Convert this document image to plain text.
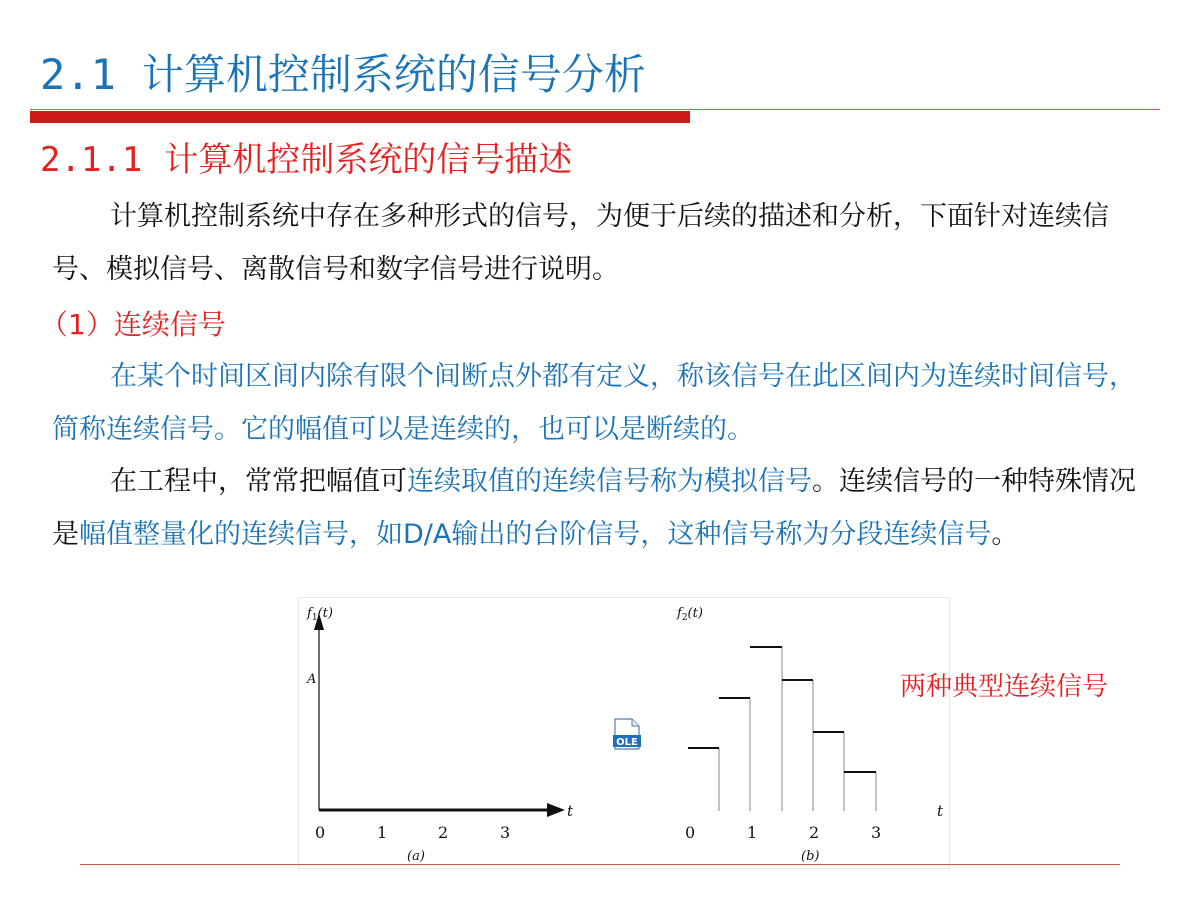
2.1 计算机控制系统的信号分析
2.1.1 计算机控制系统的信号描述
计算机控制系统中存在多种形式的信号，为便于后续的描述和分析，下面针对连续信号、模拟信号、离散信号和数字信号进行说明。
（1）连续信号
在某个时间区间内除有限个间断点外都有定义，称该信号在此区间内为连续时间信号，简称连续信号。它的幅值可以是连续的，也可以是断续的。
在工程中，常常把幅值可连续取值的连续信号称为模拟信号。连续信号的一种特殊情况是幅值整量化的连续信号，如D/A输出的台阶信号，这种信号称为分段连续信号。
$f_1(t)$
A
t
0	1	2	3
(a)
$f_2(t)$
t
0	1	2	3
(b)
OLE
两种典型连续信号
